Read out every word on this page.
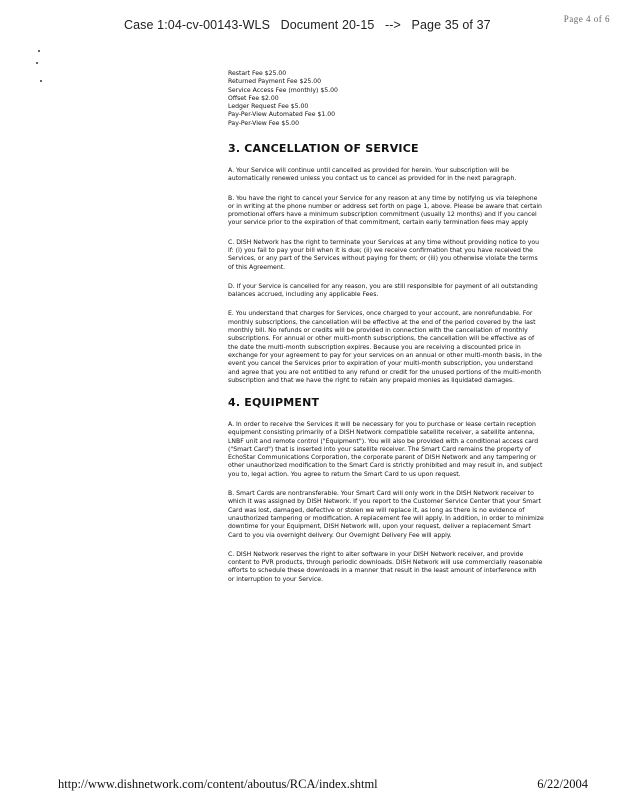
Case 1:04-cv-00143-WLS Document 20-15 --> Page 35 of 37	Page 4 of 6
Restart Fee $25.00
Returned Payment Fee $25.00
Service Access Fee (monthly) $5.00
Offset Fee $2.00
Ledger Request Fee $5.00
Pay-Per-View Automated Fee $1.00
Pay-Per-View Fee $5.00
3. CANCELLATION OF SERVICE

A. Your Service will continue until cancelled as provided for herein. Your subscription will be automatically renewed unless you contact us to cancel as provided for in the next paragraph.

B. You have the right to cancel your Service for any reason at any time by notifying us via telephone or in writing at the phone number or address set forth on page 1, above. Please be aware that certain promotional offers have a minimum subscription commitment (usually 12 months) and if you cancel your service prior to the expiration of that commitment, certain early termination fees may apply

C. DISH Network has the right to terminate your Services at any time without providing notice to you if: (i) you fail to pay your bill when it is due; (ii) we receive confirmation that you have received the Services, or any part of the Services without paying for them; or (iii) you otherwise violate the terms of this Agreement.

D. If your Service is cancelled for any reason, you are still responsible for payment of all outstanding balances accrued, including any applicable Fees.

E. You understand that charges for Services, once charged to your account, are nonrefundable. For monthly subscriptions, the cancellation will be effective at the end of the period covered by the last monthly bill. No refunds or credits will be provided in connection with the cancellation of monthly subscriptions. For annual or other multi-month subscriptions, the cancellation will be effective as of the date the multi-month subscription expires. Because you are receiving a discounted price in exchange for your agreement to pay for your services on an annual or other multi-month basis, in the event you cancel the Services prior to expiration of your multi-month subscription, you understand and agree that you are not entitled to any refund or credit for the unused portions of the multi-month subscription and that we have the right to retain any prepaid monies as liquidated damages.

4. EQUIPMENT

A. In order to receive the Services it will be necessary for you to purchase or lease certain reception equipment consisting primarily of a DISH Network compatible satellite receiver, a satellite antenna, LNBF unit and remote control ("Equipment"). You will also be provided with a conditional access card ("Smart Card") that is inserted into your satellite receiver. The Smart Card remains the property of EchoStar Communications Corporation, the corporate parent of DISH Network and any tampering or other unauthorized modification to the Smart Card is strictly prohibited and may result in, and subject you to, legal action. You agree to return the Smart Card to us upon request.

B. Smart Cards are nontransferable. Your Smart Card will only work in the DISH Network receiver to which it was assigned by DISH Network. If you report to the Customer Service Center that your Smart Card was lost, damaged, defective or stolen we will replace it, as long as there is no evidence of unauthorized tampering or modification. A replacement fee will apply. In addition, in order to minimize downtime for your Equipment, DISH Network will, upon your request, deliver a replacement Smart Card to you via overnight delivery. Our Overnight Delivery Fee will apply.

C. DISH Network reserves the right to alter software in your DISH Network receiver, and provide content to PVR products, through periodic downloads. DISH Network will use commercially reasonable efforts to schedule these downloads in a manner that result in the least amount of interference with or interruption to your Service.

http://www.dishnetwork.com/content/aboutus/RCA/index.shtml	6/22/2004
